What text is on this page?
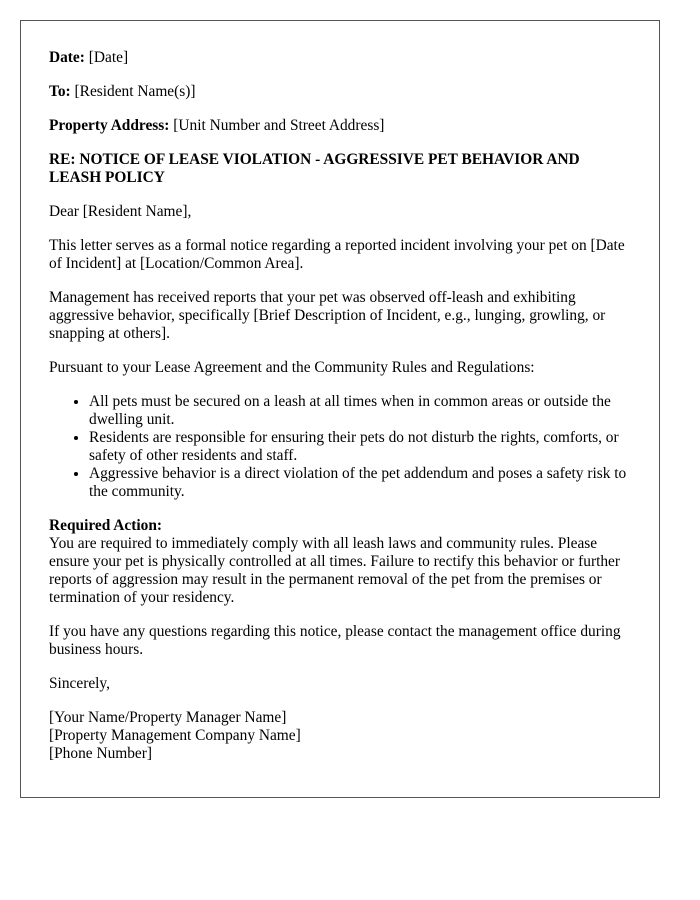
Date: [Date]
To: [Resident Name(s)]
Property Address: [Unit Number and Street Address]
RE: NOTICE OF LEASE VIOLATION - AGGRESSIVE PET BEHAVIOR AND LEASH POLICY

Dear [Resident Name],

This letter serves as a formal notice regarding a reported incident involving your pet on [Date of Incident] at [Location/Common Area].

Management has received reports that your pet was observed off-leash and exhibiting aggressive behavior, specifically [Brief Description of Incident, e.g., lunging, growling, or snapping at others].

Pursuant to your Lease Agreement and the Community Rules and Regulations:

• All pets must be secured on a leash at all times when in common areas or outside the dwelling unit.
• Residents are responsible for ensuring their pets do not disturb the rights, comforts, or safety of other residents and staff.
• Aggressive behavior is a direct violation of the pet addendum and poses a safety risk to the community.
Required Action:
You are required to immediately comply with all leash laws and community rules. Please ensure your pet is physically controlled at all times. Failure to rectify this behavior or further reports of aggression may result in the permanent removal of the pet from the premises or termination of your residency.

If you have any questions regarding this notice, please contact the management office during business hours.

Sincerely,

[Your Name/Property Manager Name]
[Property Management Company Name]
[Phone Number]
